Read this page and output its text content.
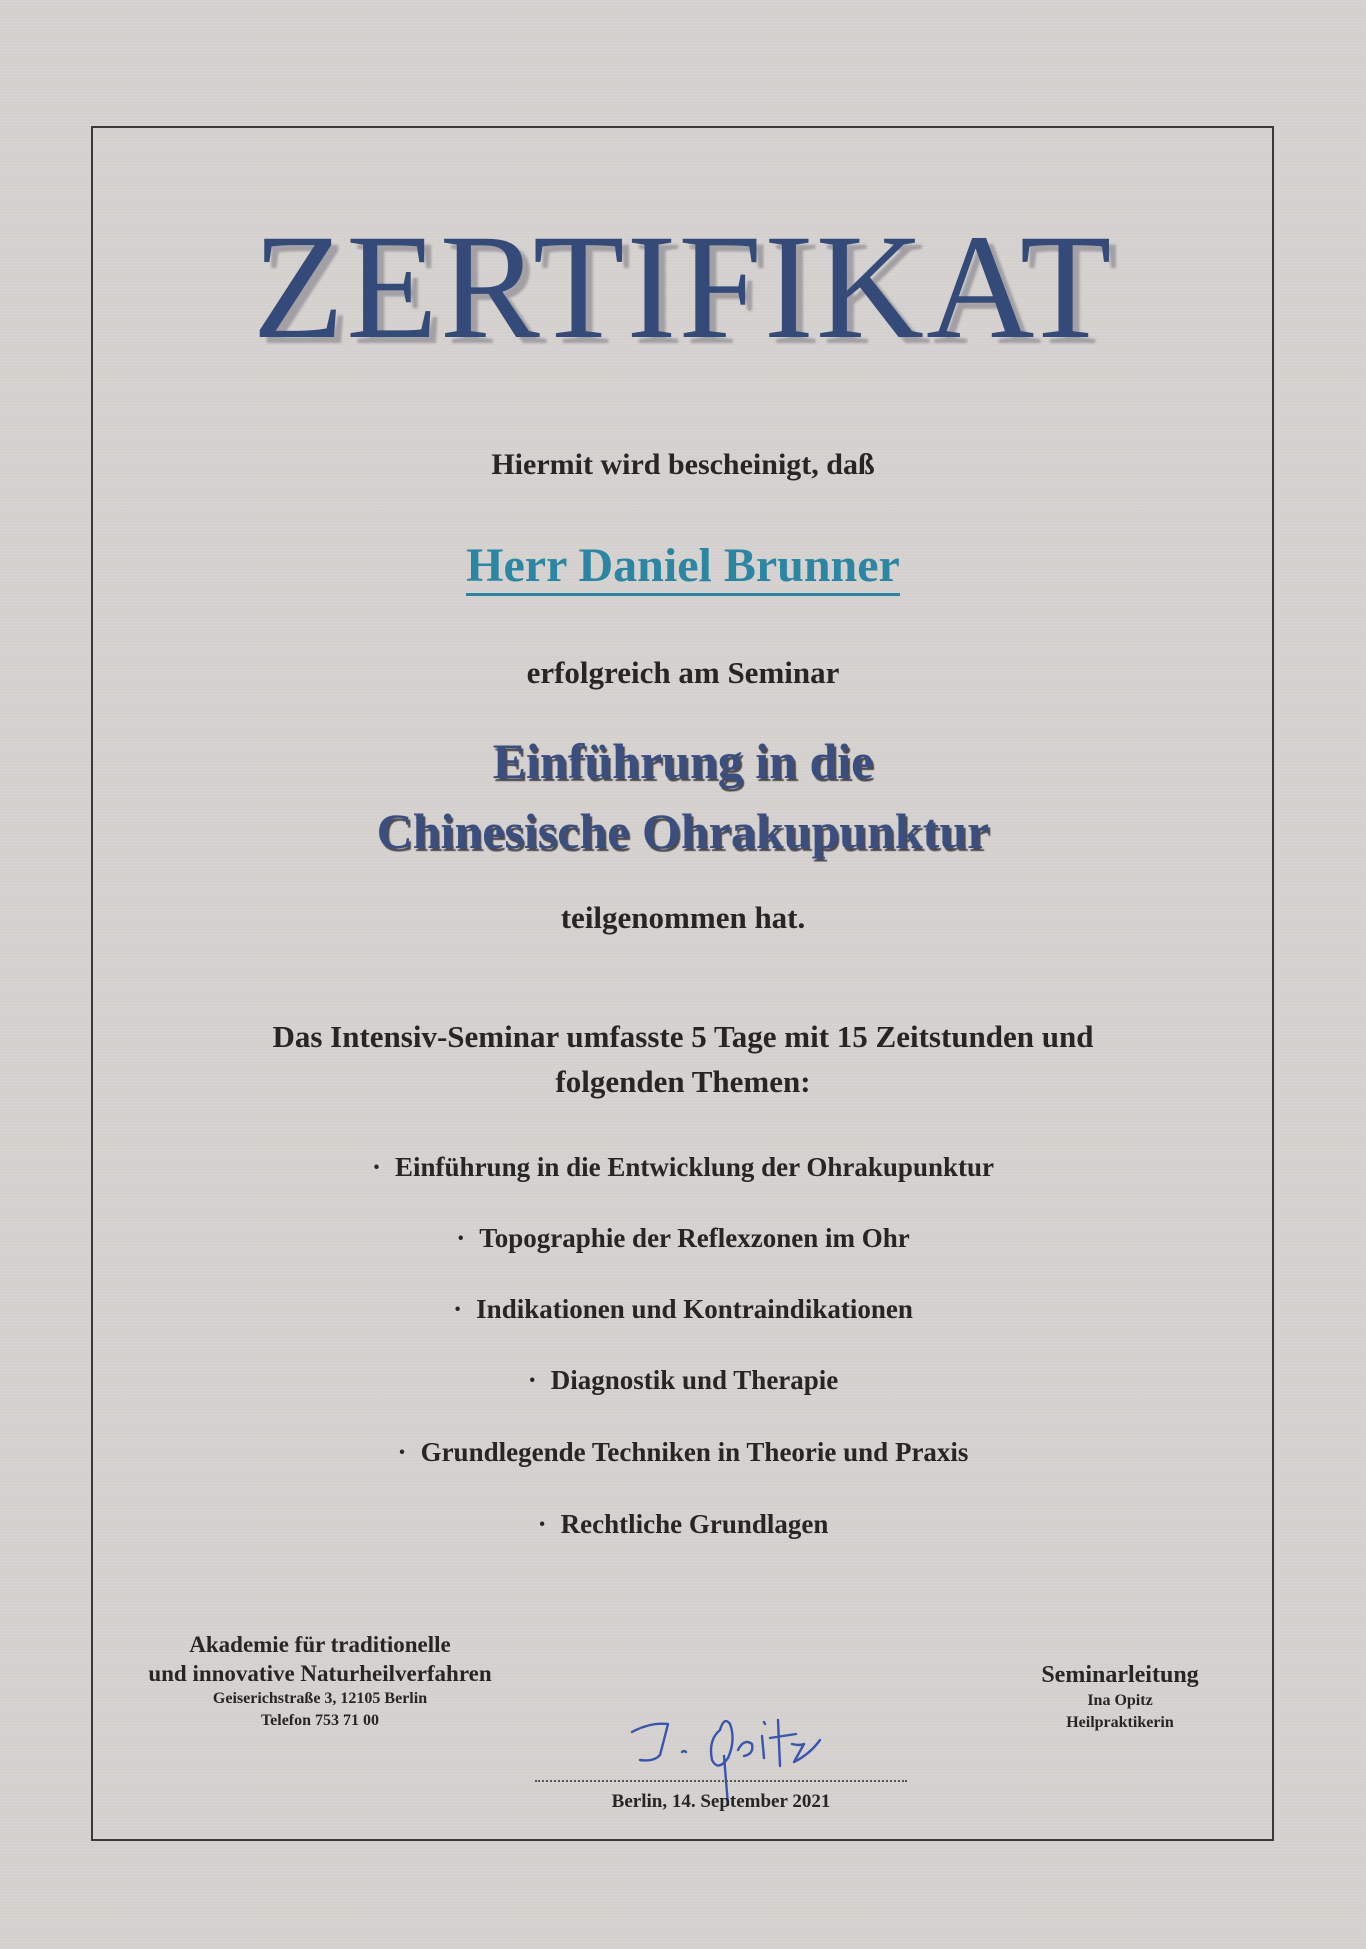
ZERTIFIKAT
Hiermit wird bescheinigt, daß
Herr Daniel Brunner
erfolgreich am Seminar
Einführung in die
Chinesische Ohrakupunktur
teilgenommen hat.
Das Intensiv-Seminar umfasste 5 Tage mit 15 Zeitstunden und
folgenden Themen:
· Einführung in die Entwicklung der Ohrakupunktur
· Topographie der Reflexzonen im Ohr
· Indikationen und Kontraindikationen
· Diagnostik und Therapie
· Grundlegende Techniken in Theorie und Praxis
· Rechtliche Grundlagen
Akademie für traditionelle
und innovative Naturheilverfahren
Geiserichstraße 3, 12105 Berlin
Telefon 753 71 00
Seminarleitung
Ina Opitz
Heilpraktikerin
Berlin, 14. September 2021
